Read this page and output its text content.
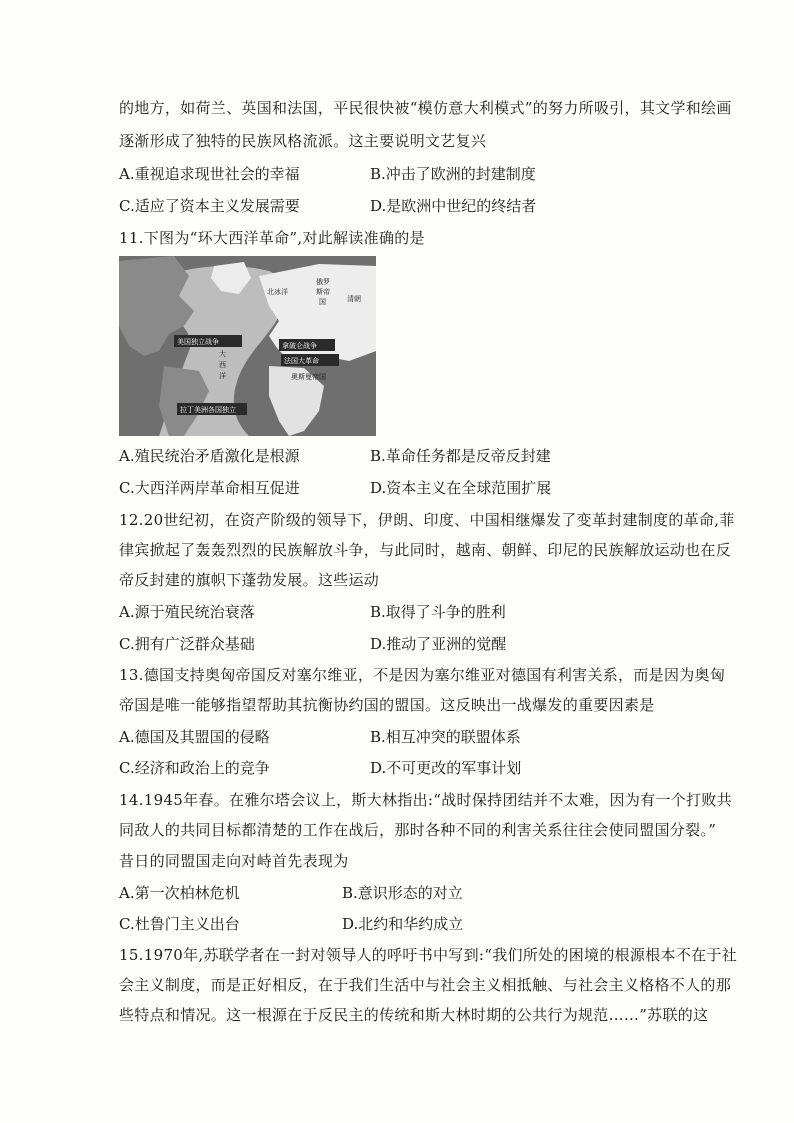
的地方，如荷兰、英国和法国，平民很快被“模仿意大利模式”的努力所吸引，其文学和绘画
逐渐形成了独特的民族风格流派。这主要说明文艺复兴
A.重视追求现世社会的幸福	B.冲击了欧洲的封建制度
C.适应了资本主义发展需要	D.是欧洲中世纪的终结者
11.下图为“环大西洋革命”,对此解读准确的是
北冰洋
俄罗
斯帝
国	清朝
大
西
洋	奥斯曼帝国
美国独立战争	拿破仑战争
法国大革命
拉丁美洲各国独立
A.殖民统治矛盾激化是根源	B.革命任务都是反帝反封建
C.大西洋两岸革命相互促进	D.资本主义在全球范围扩展
12.20世纪初，在资产阶级的领导下，伊朗、印度、中国相继爆发了变革封建制度的革命,菲
律宾掀起了轰轰烈烈的民族解放斗争，与此同时，越南、朝鲜、印尼的民族解放运动也在反
帝反封建的旗帜下蓬勃发展。这些运动
A.源于殖民统治衰落	B.取得了斗争的胜利
C.拥有广泛群众基础	D.推动了亚洲的觉醒
13.德国支持奥匈帝国反对塞尔维亚，不是因为塞尔维亚对德国有利害关系，而是因为奥匈
帝国是唯一能够指望帮助其抗衡协约国的盟国。这反映出一战爆发的重要因素是
A.德国及其盟国的侵略	B.相互冲突的联盟体系
C.经济和政治上的竞争	D.不可更改的军事计划
14.1945年春。在雅尔塔会议上，斯大林指出:“战时保持团结并不太难，因为有一个打败共
同敌人的共同目标都清楚的工作在战后，那时各种不同的利害关系往往会使同盟国分裂。”
昔日的同盟国走向对峙首先表现为
A.第一次柏林危机	B.意识形态的对立
C.杜鲁门主义出台	D.北约和华约成立
15.1970年,苏联学者在一封对领导人的呼吁书中写到:“我们所处的困境的根源根本不在于社
会主义制度，而是正好相反，在于我们生活中与社会主义相抵触、与社会主义格格不人的那
些特点和情况。这一根源在于反民主的传统和斯大林时期的公共行为规范……”苏联的这
